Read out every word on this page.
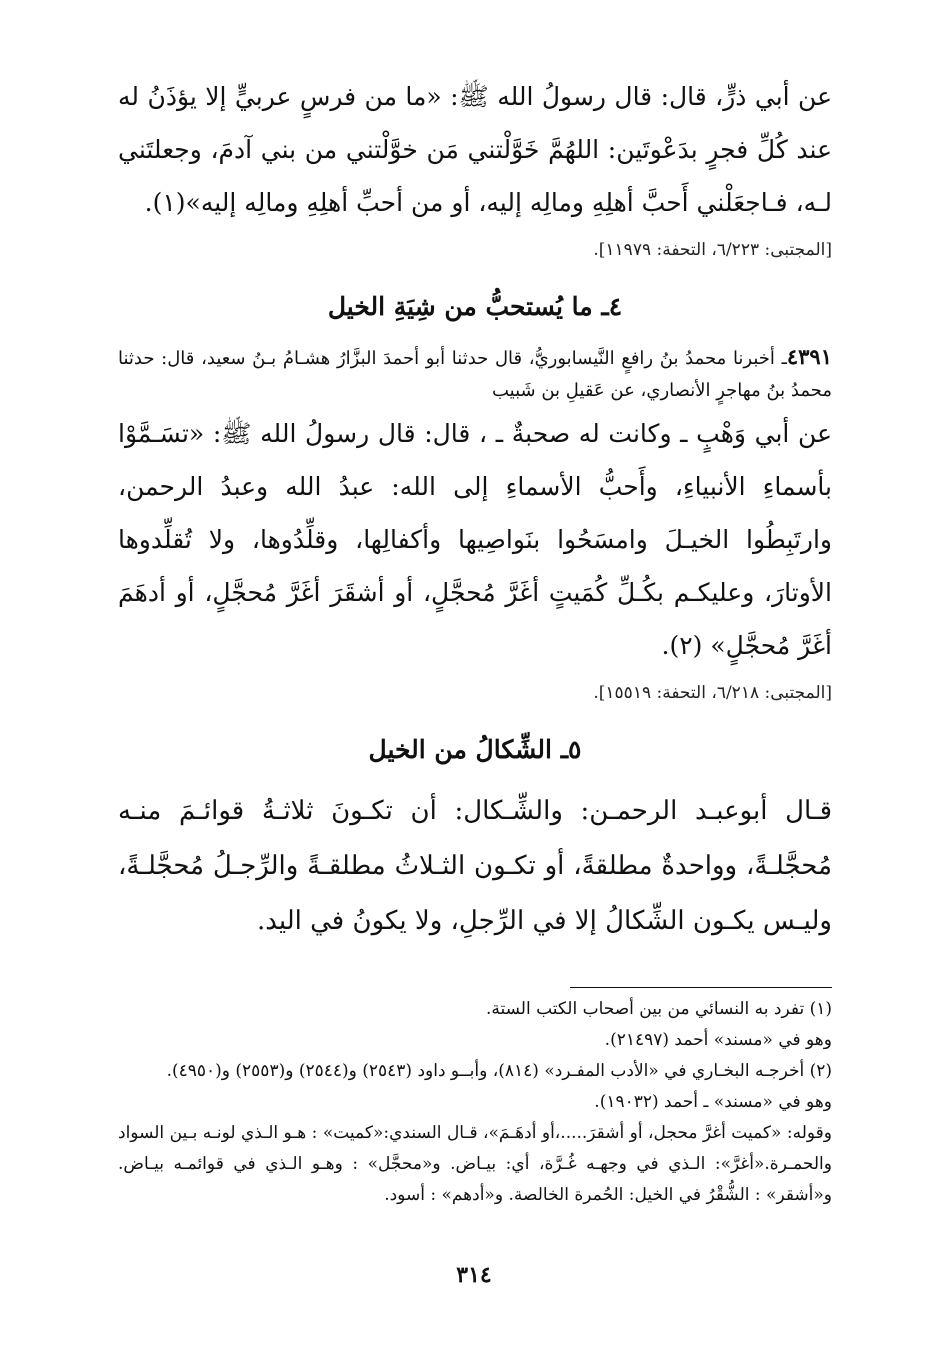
عن أبي ذرٍّ، قال: قال رسولُ الله ﷺ: «ما من فرسٍ عربيٍّ إلا يؤذَنُ له عند كُلِّ فجرٍ بدَعْوتَين: اللهُمَّ خَوَّلْتني مَن خوَّلْتني من بني آدمَ، وجعلتَني لـه، فـاجعَلْني أَحبَّ أهلِهِ ومالِه إليه، أو من أحبِّ أهلِهِ ومالِه إليه»(١).

[المجتبى: ٦/٢٢٣، التحفة: ١١٩٧٩].

٤ـ ما يُستحبُّ من شِيَةِ الخيل

٤٣٩١ـ أخبرنا محمدُ بنُ رافعٍ النَّيسابوريُّ، قال حدثنا أبو أحمدَ البزَّارُ هشـامُ بـنُ سعيد، قال: حدثنا محمدُ بنُ مهاجرٍ الأنصاري، عن عَقيلِ بن شَبيب

عن أبي وَهْبٍ ـ وكانت له صحبةٌ ـ ، قال: قال رسولُ الله ﷺ: «تسَـمَّوْا بأسماءِ الأنبياءِ، وأَحبُّ الأسماءِ إلى الله: عبدُ الله وعبدُ الرحمن، وارتَبِطُوا الخيـلَ وامسَحُوا بنَواصِيها وأكفالِها، وقلِّدُوها، ولا تُقلِّدوها الأوتارَ، وعليكـم بكُـلِّ كُمَيتٍ أغَرَّ مُحجَّلٍ، أو أشقَرَ أغَرَّ مُحجَّلٍ، أو أدهَمَ أغَرَّ مُحجَّلٍ» (٢).

[المجتبى: ٦/٢١٨، التحفة: ١٥٥١٩].

٥ـ الشِّكالُ من الخيل

قـال أبوعبـد الرحمـن: والشِّـكال: أن تكـونَ ثلاثـةُ قوائـمَ منـه مُحجَّلـةً، وواحدةٌ مطلقةً، أو تكـون الثـلاثُ مطلقـةً والرِّجـلُ مُحجَّلـةً، وليـس يكـون الشِّكالُ إلا في الرِّجلِ، ولا يكونُ في اليد.

(١) تفرد به النسائي من بين أصحاب الكتب الستة.

وهو في «مسند» أحمد (٢١٤٩٧).

(٢) أخرجـه البخـاري في «الأدب المفـرد» (٨١٤)، وأبــو داود (٢٥٤٣) و(٢٥٤٤) و(٢٥٥٣) و(٤٩٥٠).

وهو في «مسند» ـ أحمد (١٩٠٣٢).

وقوله: «كميت أغرَّ محجل، أو أشقرَ.....،أو أدهَـمَ»، قـال السندي:«كميت» : هـو الـذي لونـه بـين السواد والحمـرة.«أغرَّ»: الـذي في وجهـه غُـرَّة، أي: بيـاض. و«محجَّل» : وهـو الـذي في قوائمـه بيـاض. و«أشقر» : الشُّقْرُ في الخيل: الحُمرة الخالصة. و«أدهم» : أسود.

٣١٤
